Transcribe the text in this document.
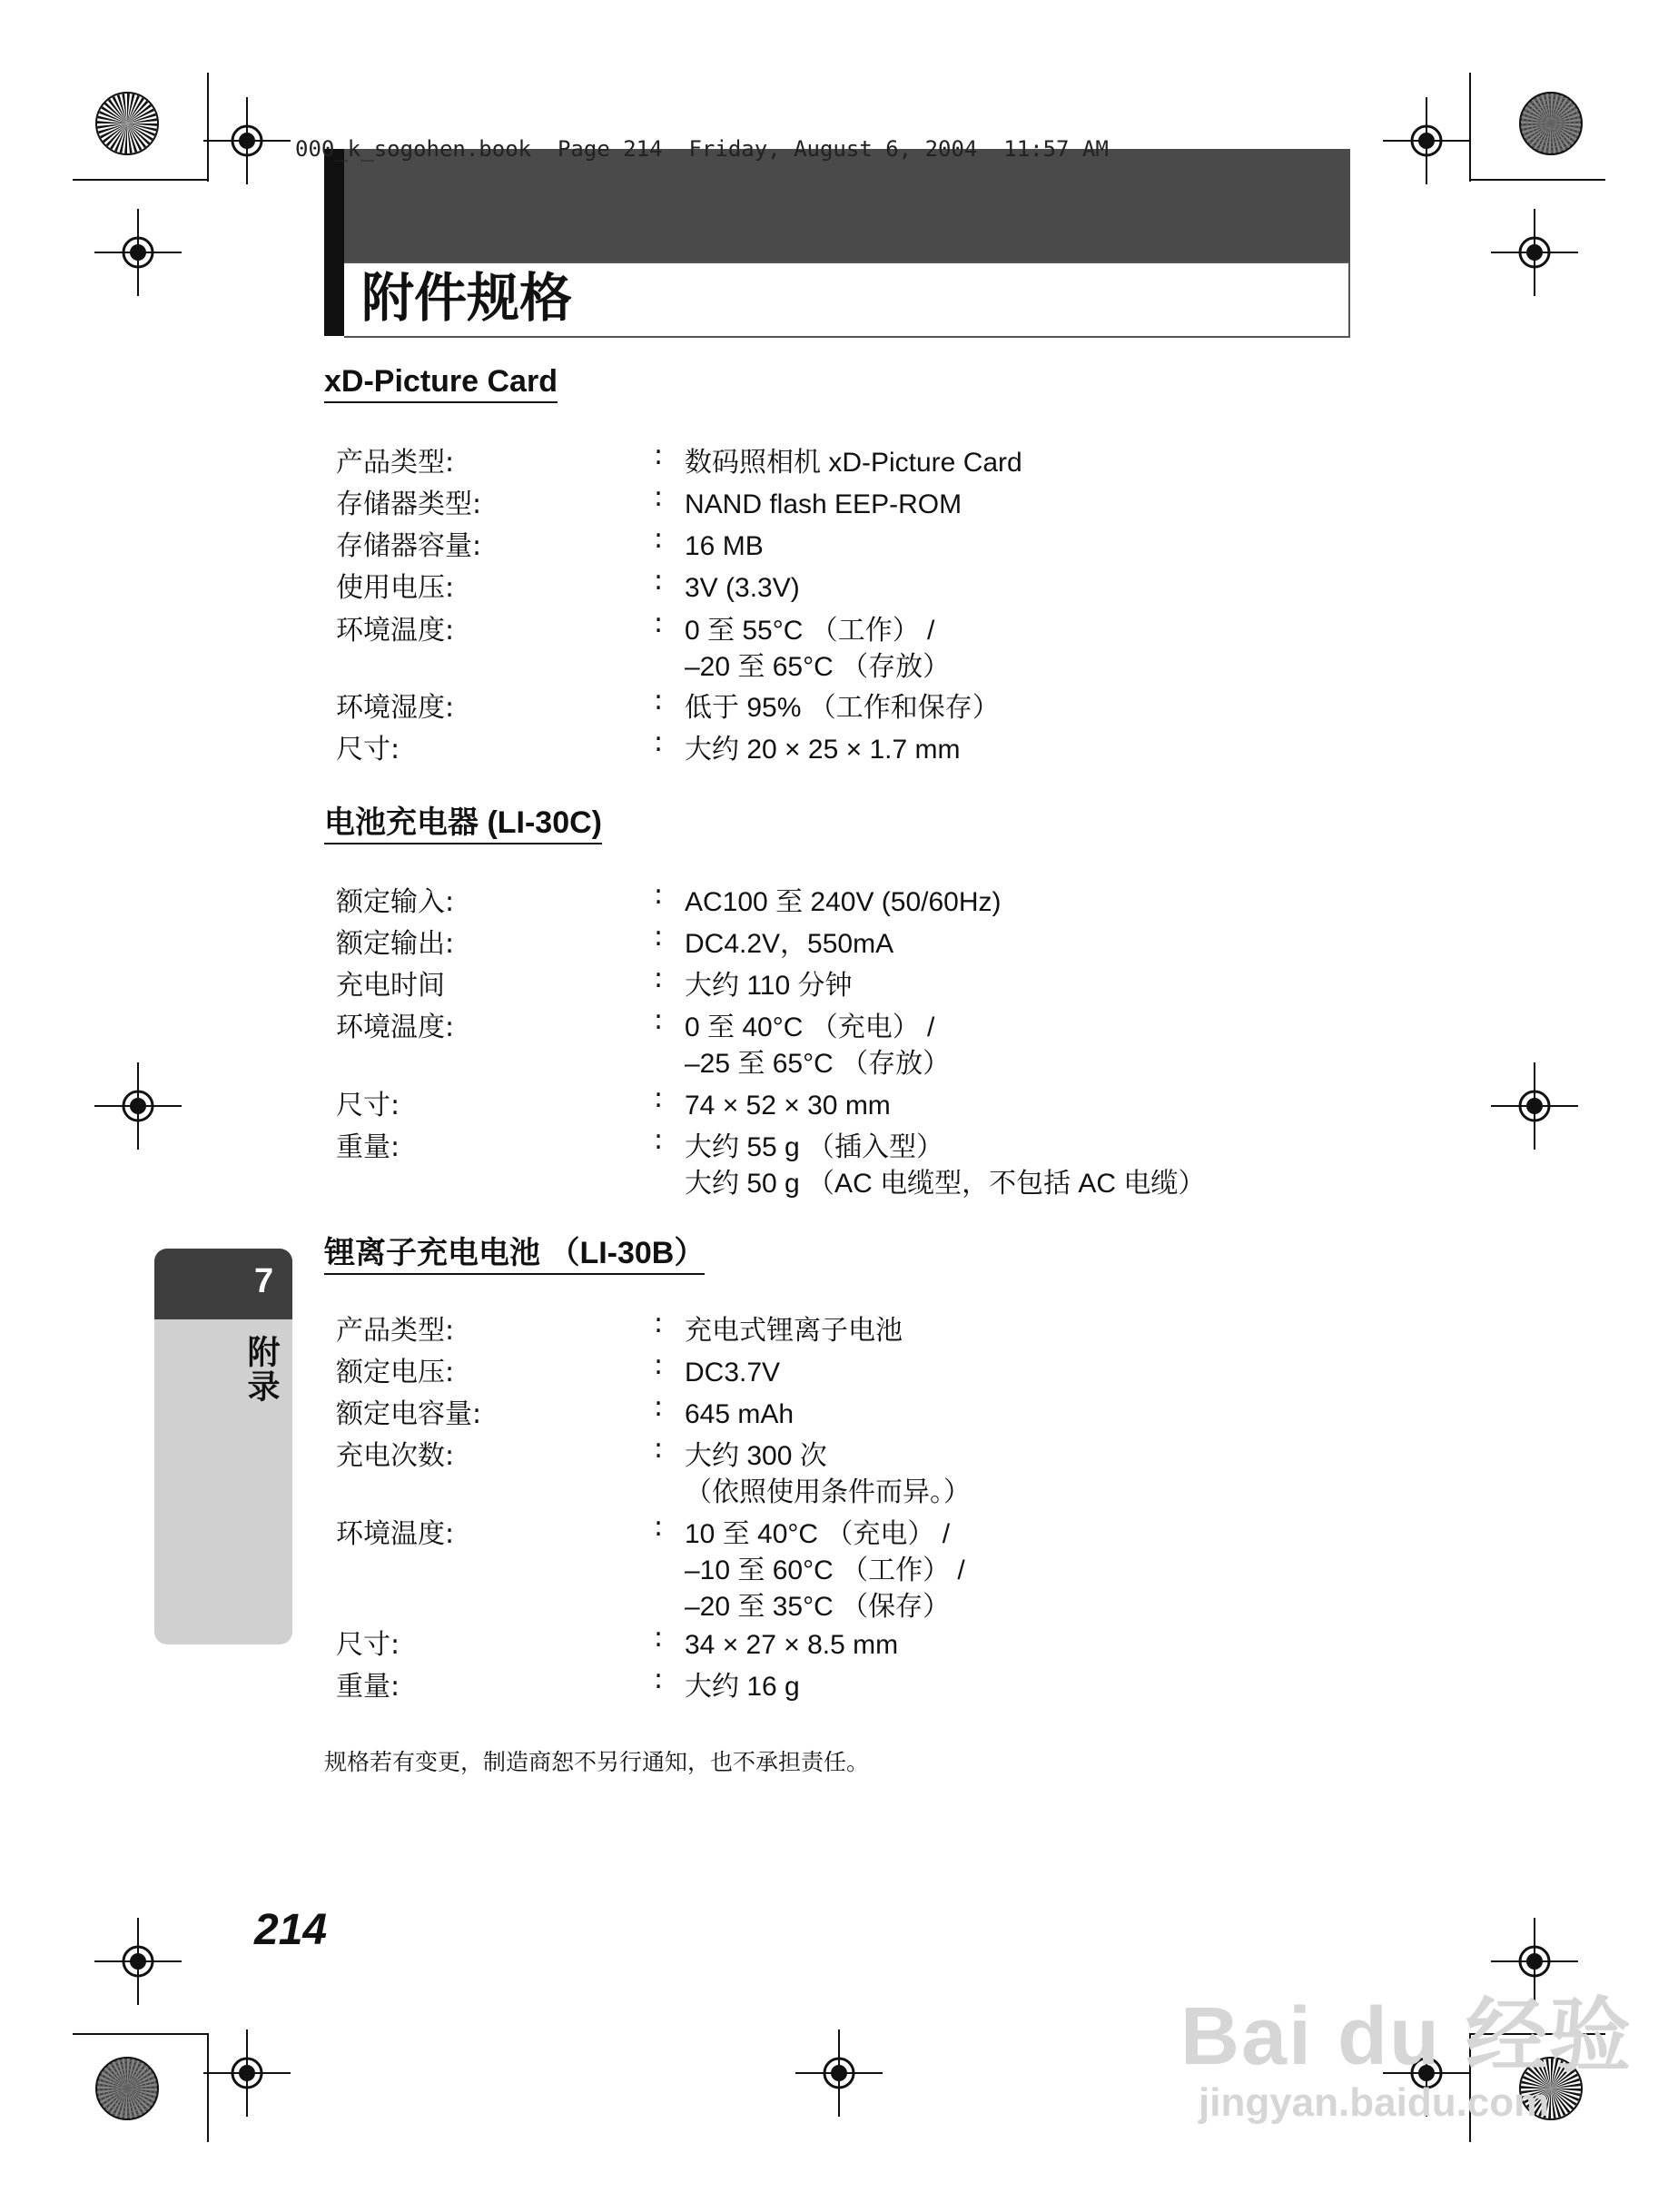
000_k_sogohen.book  Page 214  Friday, August 6, 2004  11:57 AM
附件规格
xD-Picture Card
产品类型:	: 数码照相机 xD-Picture Card
存储器类型:	: NAND flash EEP-ROM
存储器容量:	: 16 MB
使用电压:	: 3V (3.3V)
环境温度:	: 0 至 55°C （工作） /
–20 至 65°C （存放）
环境湿度:	: 低于 95% （工作和保存）
尺寸:	: 大约 20 × 25 × 1.7 mm
电池充电器 (LI-30C)
额定输入:	: AC100 至 240V (50/60Hz)
额定输出:	: DC4.2V，550mA
充电时间	: 大约 110 分钟
环境温度:	: 0 至 40°C （充电） /
–25 至 65°C （存放）
尺寸:	: 74 × 52 × 30 mm
重量:	: 大约 55 g （插入型）
大约 50 g （AC 电缆型，不包括 AC 电缆）
锂离子充电电池 （LI-30B）
产品类型:	: 充电式锂离子电池
额定电压:	: DC3.7V
额定电容量:	: 645 mAh
充电次数:	: 大约 300 次
（依照使用条件而异。）
环境温度:	: 10 至 40°C （充电） /
–10 至 60°C （工作） /
–20 至 35°C （保存）
尺寸:	: 34 × 27 × 8.5 mm
重量:	: 大约 16 g
规格若有变更，制造商恕不另行通知，也不承担责任。
7
附录
214
Bai du 经验
jingyan.baidu.com
